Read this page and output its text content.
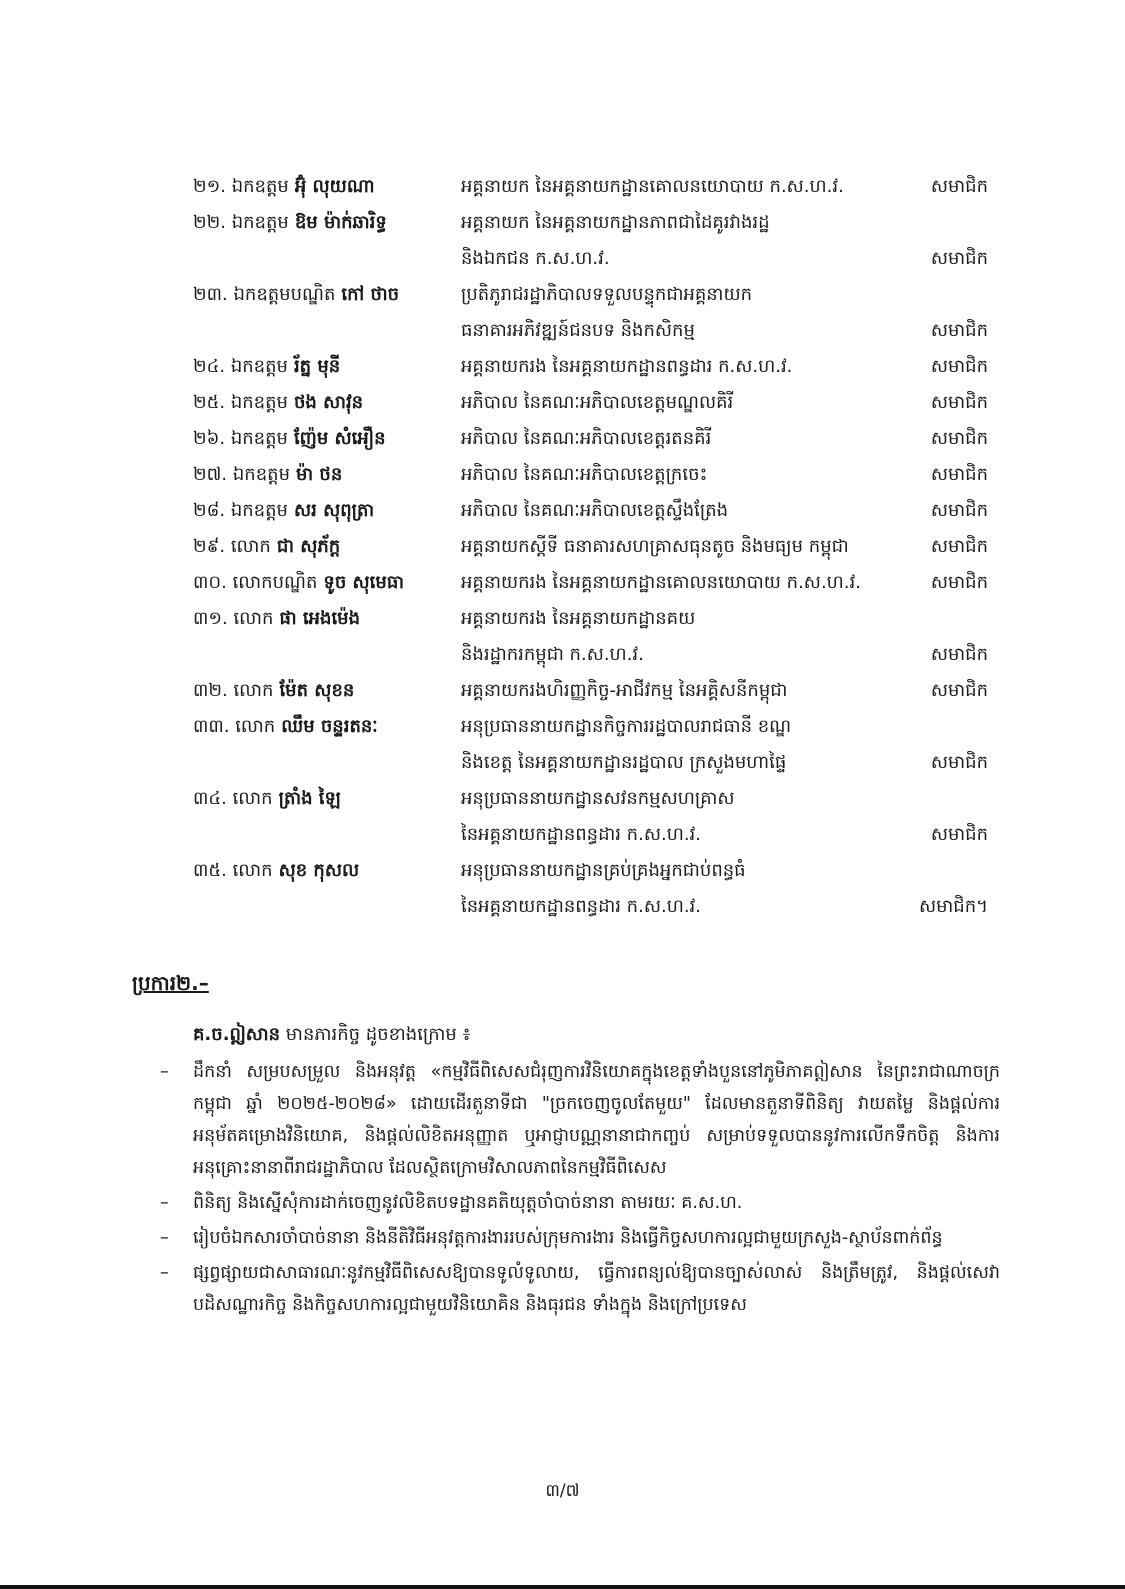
២១. ឯកឧត្តម អ៊ុំ លុយណា	អគ្គនាយក នៃអគ្គនាយកដ្ឋានគោលនយោបាយ ក.ស.ហ.វ.	សមាជិក
២២. ឯកឧត្តម ឱម ម៉ាក់ឆារិទ្ធ	អគ្គនាយក នៃអគ្គនាយកដ្ឋានភាពជាដៃគូរវាងរដ្ឋ
និងឯកជន ក.ស.ហ.វ.	សមាជិក
២៣. ឯកឧត្តមបណ្ឌិត កៅ ថាច	ប្រតិភូរាជរដ្ឋាភិបាលទទួលបន្ទុកជាអគ្គនាយក
ធនាគារអភិវឌ្ឍន៍ជនបទ និងកសិកម្ម	សមាជិក
២៤. ឯកឧត្តម រ័ត្ន មុនី	អគ្គនាយករង នៃអគ្គនាយកដ្ឋានពន្ធដារ ក.ស.ហ.វ.	សមាជិក
២៥. ឯកឧត្តម ថង សាវុន	អភិបាល នៃគណៈអភិបាលខេត្តមណ្ឌលគិរី	សមាជិក
២៦. ឯកឧត្តម ញ៉ែម សំអឿន	អភិបាល នៃគណៈអភិបាលខេត្តរតនគិរី	សមាជិក
២៧. ឯកឧត្តម ម៉ា ថន	អភិបាល នៃគណៈអភិបាលខេត្តក្រចេះ	សមាជិក
២៨. ឯកឧត្តម សរ សុពុត្រា	អភិបាល នៃគណៈអភិបាលខេត្តស្ទឹងត្រែង	សមាជិក
២៩. លោក ជា សុភ័ក្ត	អគ្គនាយកស្តីទី ធនាគារសហគ្រាសធុនតូច និងមធ្យម កម្ពុជា	សមាជិក
៣០. លោកបណ្ឌិត ទូច សុមេធា	អគ្គនាយករង នៃអគ្គនាយកដ្ឋានគោលនយោបាយ ក.ស.ហ.វ.	សមាជិក
៣១. លោក ផា អេងម៉េង	អគ្គនាយករង នៃអគ្គនាយកដ្ឋានគយ
និងរដ្ឋាករកម្ពុជា ក.ស.ហ.វ.	សមាជិក
៣២. លោក ម៉ែត សុខន	អគ្គនាយករងហិរញ្ញកិច្ច-អាជីវកម្ម នៃអគ្គិសនីកម្ពុជា	សមាជិក
៣៣. លោក ឈឹម ចន្ទរតនៈ	អនុប្រធាននាយកដ្ឋានកិច្ចការរដ្ឋបាលរាជធានី ខណ្ឌ
និងខេត្ត នៃអគ្គនាយកដ្ឋានរដ្ឋបាល ក្រសួងមហាផ្ទៃ	សមាជិក
៣៤. លោក ត្រាំង ឡៃ	អនុប្រធាននាយកដ្ឋានសវនកម្មសហគ្រាស
នៃអគ្គនាយកដ្ឋានពន្ធដារ ក.ស.ហ.វ.	សមាជិក
៣៥. លោក សុខ កុសល	អនុប្រធាននាយកដ្ឋានគ្រប់គ្រងអ្នកជាប់ពន្ធធំ
នៃអគ្គនាយកដ្ឋានពន្ធដារ ក.ស.ហ.វ.	សមាជិក។
ប្រការ២.–
គ.ច.ឦ្ញសាន មានភារកិច្ច ដូចខាងក្រោម ៖
– ដឹកនាំ សម្របសម្រួល និងអនុវត្ត «កម្មវិធីពិសេសជំរុញការវិនិយោគក្នុងខេត្តទាំងបួននៅភូមិភាគឦសាន នៃព្រះរាជាណាចក្រកម្ពុជា ឆ្នាំ ២០២៥-២០២៨» ដោយដើរតួនាទីជា "ច្រកចេញចូលតែមួយ" ដែលមានតួនាទីពិនិត្យ វាយតម្លៃ និងផ្តល់ការអនុម័តគម្រោងវិនិយោគ, និងផ្តល់លិខិតអនុញ្ញាត ឬអាជ្ញាបណ្ណនានាជាកញ្ចប់ សម្រាប់ទទួលបាននូវការលើកទឹកចិត្ត និងការអនុគ្រោះនានាពីរាជរដ្ឋាភិបាល ដែលស្ថិតក្រោមវិសាលភាពនៃកម្មវិធីពិសេស
– ពិនិត្យ និងស្នើសុំការដាក់ចេញនូវលិខិតបទដ្ឋានគតិយុត្តចាំបាច់នានា តាមរយៈ គ.ស.ហ.
– រៀបចំឯកសារចាំបាច់នានា និងនីតិវិធីអនុវត្តការងាររបស់ក្រុមការងារ និងធ្វើកិច្ចសហការល្អជាមួយក្រសួង-ស្ថាប័នពាក់ព័ន្ធ
– ផ្សព្វផ្សាយជាសាធារណៈនូវកម្មវិធីពិសេសឱ្យបានទូលំទូលាយ, ធ្វើការពន្យល់ឱ្យបានច្បាស់លាស់ និងត្រឹមត្រូវ, និងផ្តល់សេវាបដិសណ្ឋារកិច្ច និងកិច្ចសហការល្អជាមួយវិនិយោគិន និងធុរជន ទាំងក្នុង និងក្រៅប្រទេស
៣/៧
